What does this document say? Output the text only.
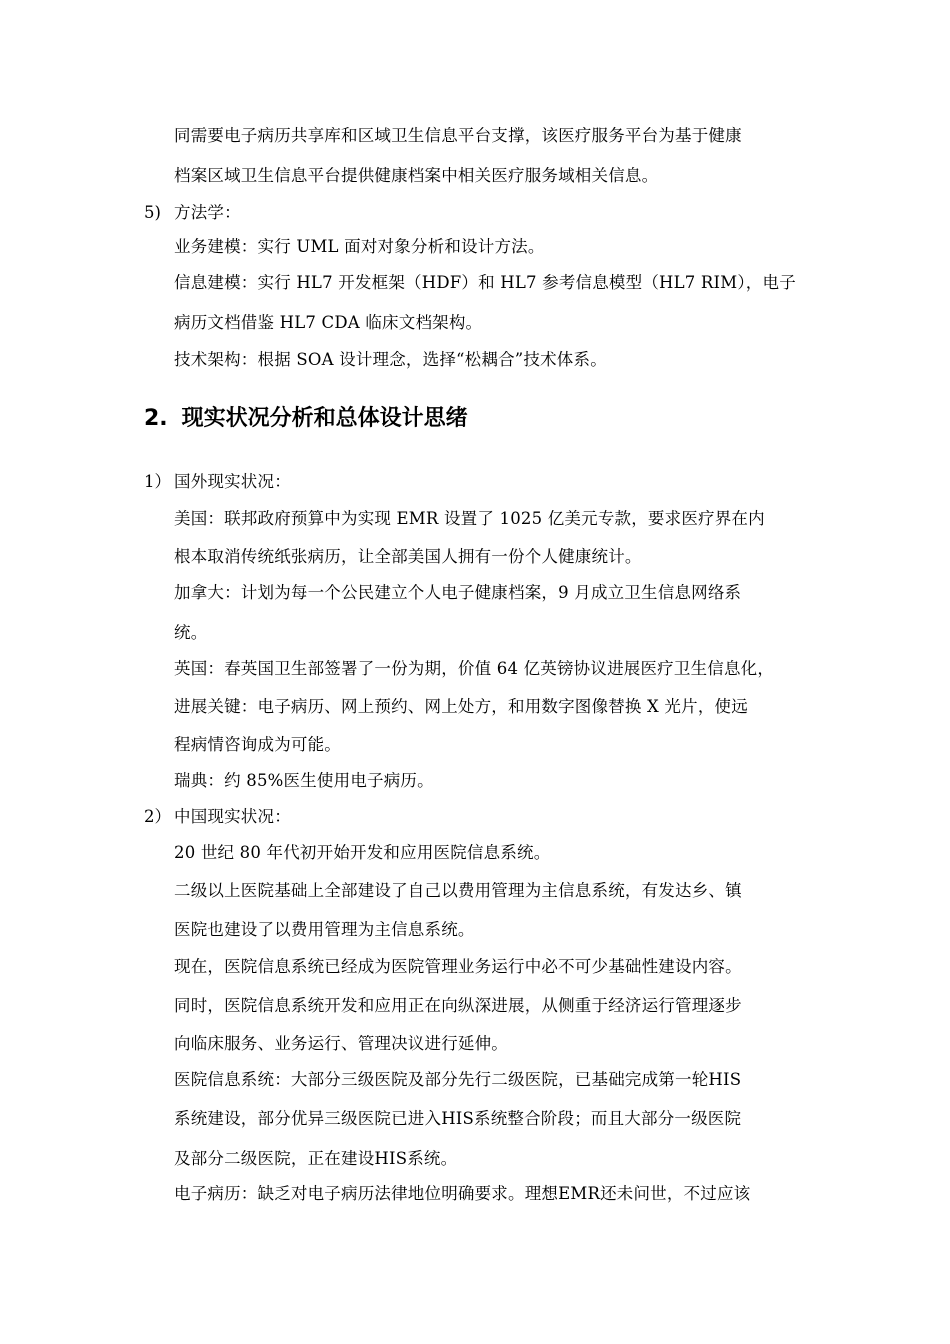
同需要电子病历共享库和区域卫生信息平台支撑，该医疗服务平台为基于健康
档案区域卫生信息平台提供健康档案中相关医疗服务域相关信息。
5) 方法学：
业务建模：实行 UML 面对对象分析和设计方法。
信息建模：实行 HL7 开发框架（HDF）和 HL7 参考信息模型（HL7 RIM），电子
病历文档借鉴 HL7 CDA 临床文档架构。
技术架构：根据 SOA 设计理念，选择“松耦合”技术体系。
2. 现实状况分析和总体设计思绪
1） 国外现实状况：
美国：联邦政府预算中为实现 EMR 设置了 1025 亿美元专款，要求医疗界在内
根本取消传统纸张病历，让全部美国人拥有一份个人健康统计。
加拿大：计划为每一个公民建立个人电子健康档案，9 月成立卫生信息网络系
统。
英国：春英国卫生部签署了一份为期，价值 64 亿英镑协议进展医疗卫生信息化，
进展关键：电子病历、网上预约、网上处方，和用数字图像替换 X 光片，使远
程病情咨询成为可能。
瑞典：约 85%医生使用电子病历。
2） 中国现实状况：
20 世纪 80 年代初开始开发和应用医院信息系统。
二级以上医院基础上全部建设了自己以费用管理为主信息系统，有发达乡、镇
医院也建设了以费用管理为主信息系统。
现在，医院信息系统已经成为医院管理业务运行中必不可少基础性建设内容。
同时，医院信息系统开发和应用正在向纵深进展，从侧重于经济运行管理逐步
向临床服务、业务运行、管理决议进行延伸。
医院信息系统：大部分三级医院及部分先行二级医院，已基础完成第一轮HIS
系统建设，部分优异三级医院已进入HIS系统整合阶段；而且大部分一级医院
及部分二级医院，正在建设HIS系统。
电子病历：缺乏对电子病历法律地位明确要求。理想EMR还未问世，不过应该
